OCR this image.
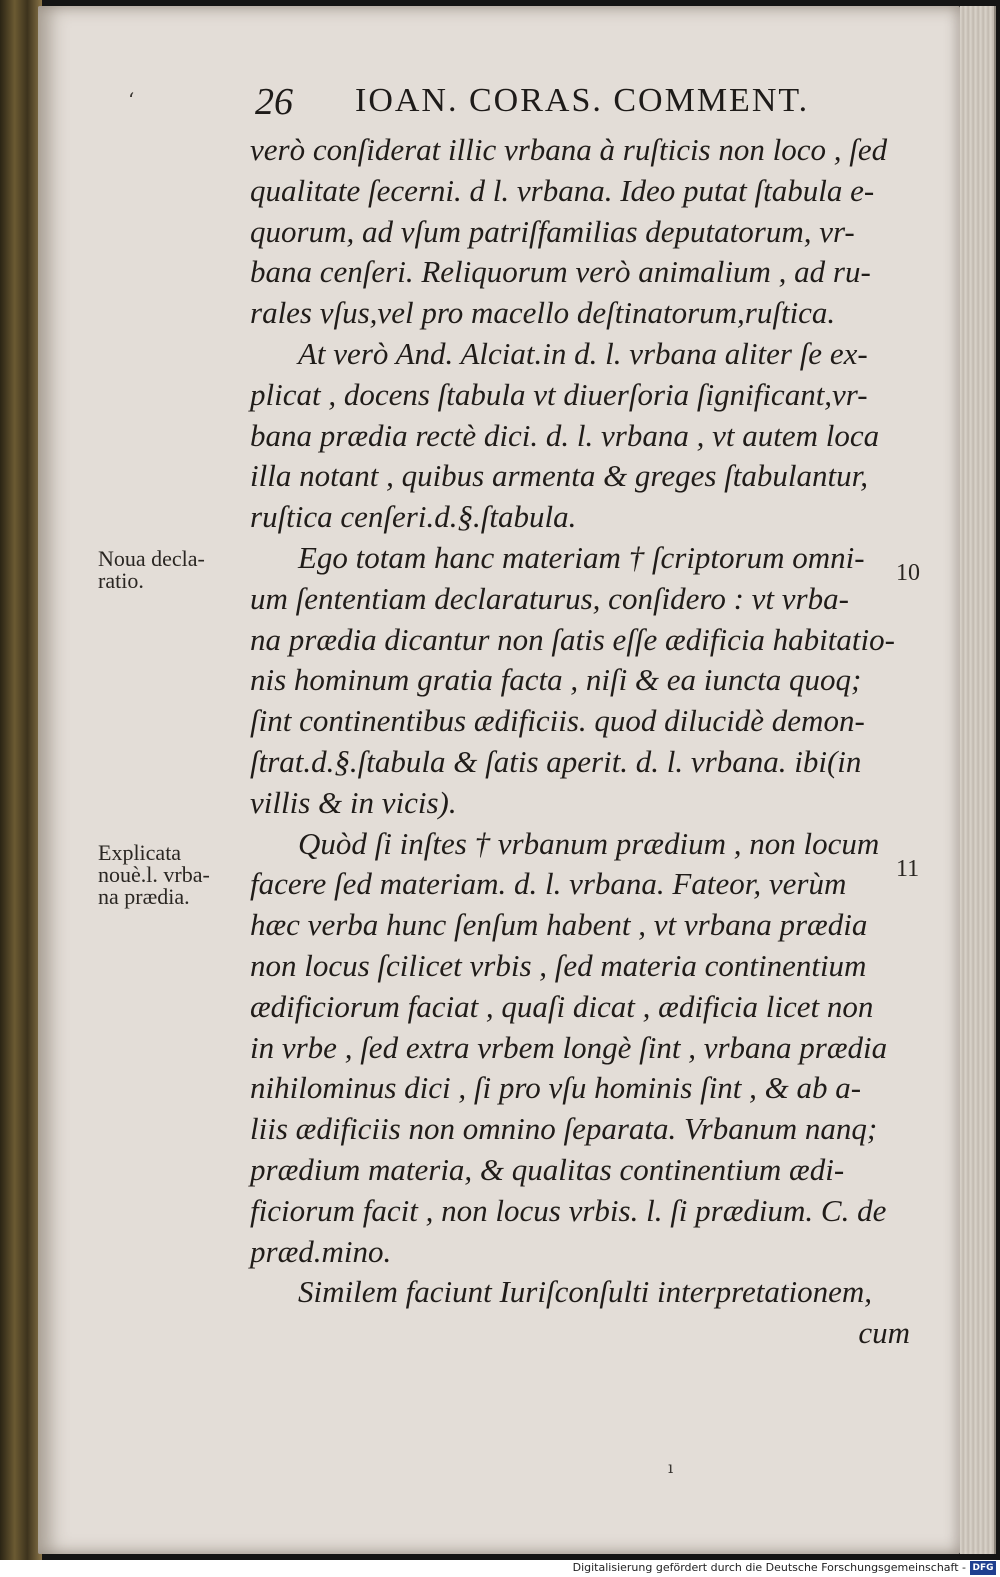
26 IOAN. CORAS. COMMENT.
‘
verò conſiderat illic vrbana à ruſticis non loco , ſed
qualitate ſecerni. d l. vrbana. Ideo putat ſtabula e-
quorum, ad vſum patriſfamilias deputatorum, vr-
bana cenſeri. Reliquorum verò animalium , ad ru-
rales vſus,vel pro macello deſtinatorum,ruſtica.
At verò And. Alciat.in d. l. vrbana aliter ſe ex-
plicat , docens ſtabula vt diuerſoria ſignificant,vr-
bana prædia rectè dici. d. l. vrbana , vt autem loca
illa notant , quibus armenta & greges ſtabulantur,
ruſtica cenſeri.d.§.ſtabula.
Ego totam hanc materiam † ſcriptorum omni-
um ſententiam declaraturus, conſidero : vt vrba-
na prædia dicantur non ſatis eſſe ædificia habitatio-
nis hominum gratia facta , niſi & ea iuncta quoq;
ſint continentibus ædificiis. quod dilucidè demon-
ſtrat.d.§.ſtabula & ſatis aperit. d. l. vrbana. ibi(in
villis & in vicis).
Quòd ſi inſtes † vrbanum prædium , non locum
facere ſed materiam. d. l. vrbana. Fateor, verùm
hæc verba hunc ſenſum habent , vt vrbana prædia
non locus ſcilicet vrbis , ſed materia continentium
ædificiorum faciat , quaſi dicat , ædificia licet non
in vrbe , ſed extra vrbem longè ſint , vrbana prædia
nihilominus dici , ſi pro vſu hominis ſint , & ab a-
liis ædificiis non omnino ſeparata. Vrbanum nanq;
prædium materia, & qualitas continentium ædi-
ficiorum facit , non locus vrbis. l. ſi prædium. C. de
præd.mino.
Similem faciunt Iuriſconſulti interpretationem,
cum
Noua decla-
ratio.	10
Explicata
nouè.l. vrba-
na prædia.
11
ı
Digitalisierung gefördert durch die Deutsche Forschungsgemeinschaft - DFG
